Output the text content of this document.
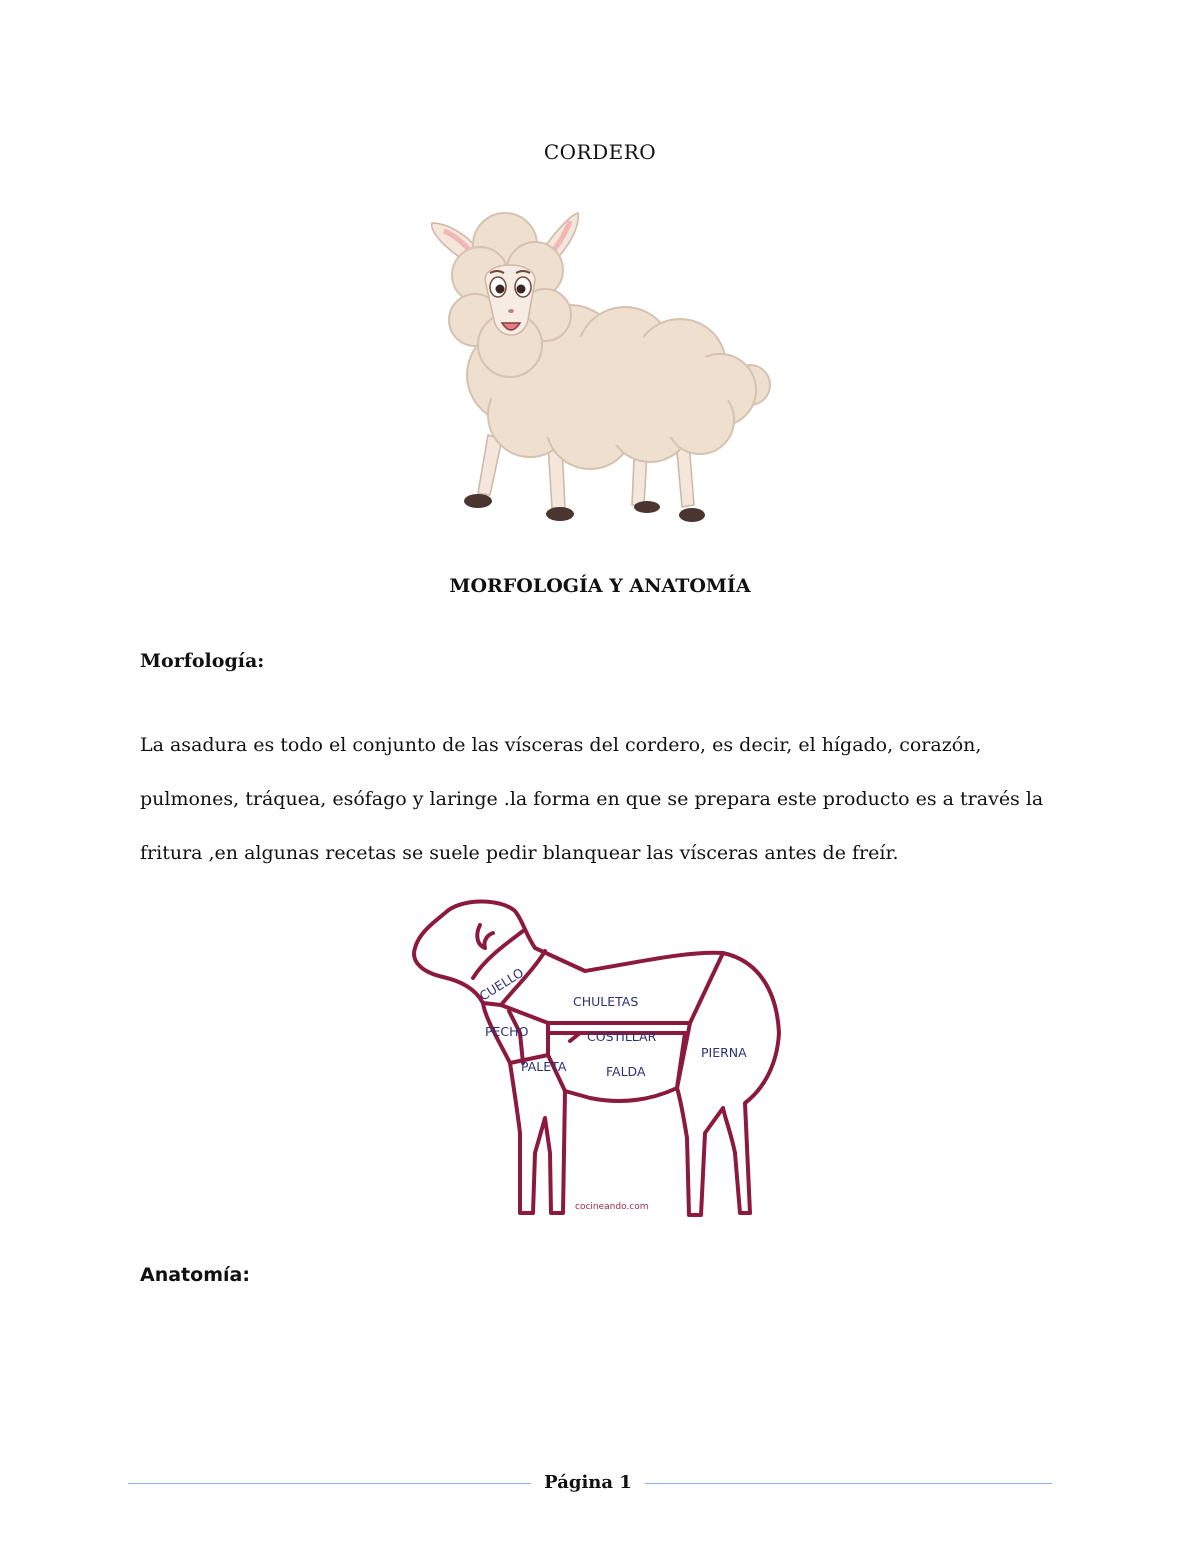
CORDERO
MORFOLOGÍA Y ANATOMÍA
Morfología:

La asadura es todo el conjunto de las vísceras del cordero, es decir, el hígado, corazón, pulmones, tráquea, esófago y laringe .la forma en que se prepara este producto es a través la fritura ,en algunas recetas se suele pedir blanquear las vísceras antes de freír.

CUELLO	CHULETAS
PECHO	COSTILLAR
PALETA	FALDA
PIERNA
cocineando.com
Anatomía:
Página 1
